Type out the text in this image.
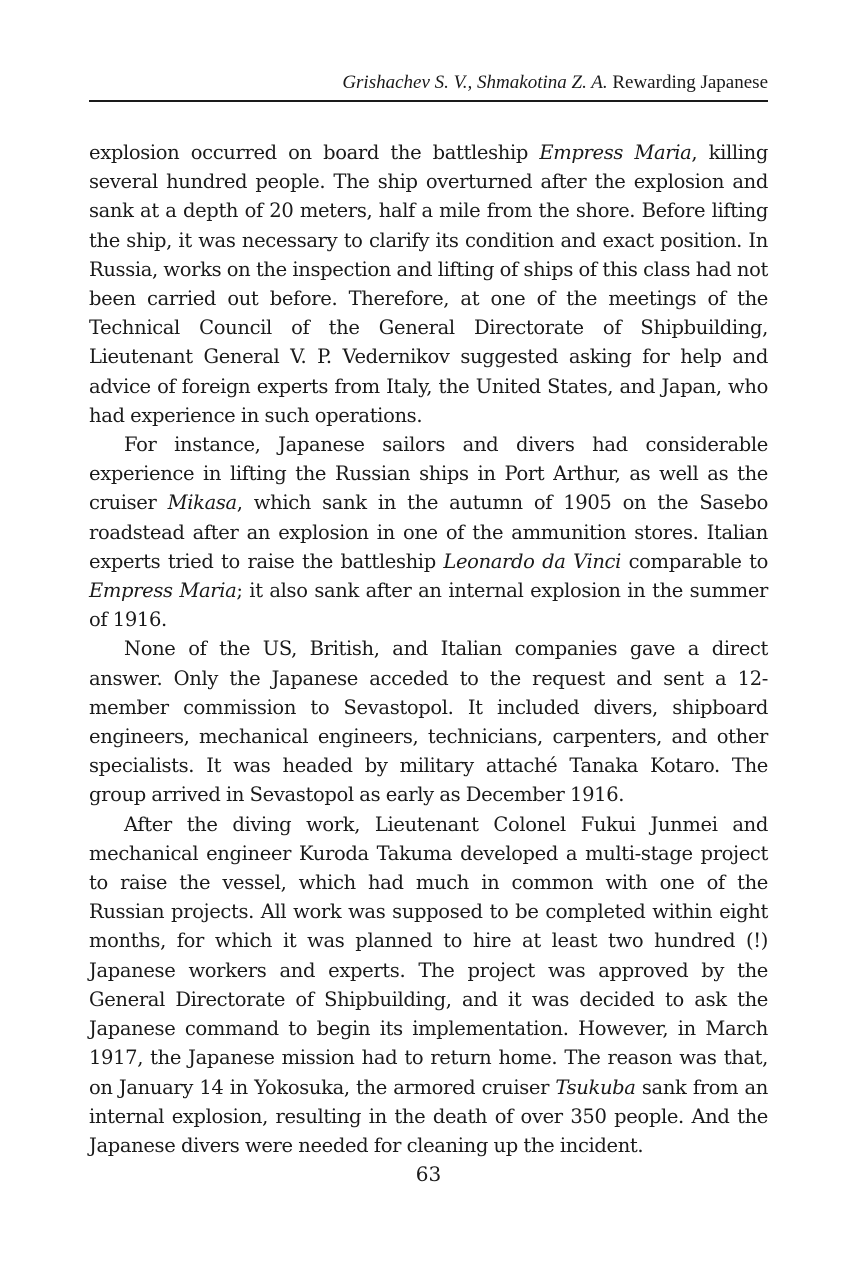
Grishachev S. V., Shmakotina Z. A. Rewarding Japanese

explosion occurred on board the battleship Empress Maria, killing several hundred people. The ship overturned after the explosion and sank at a depth of 20 meters, half a mile from the shore. Before lifting the ship, it was necessary to clarify its condition and exact position. In Russia, works on the inspection and lifting of ships of this class had not been carried out before. Therefore, at one of the meetings of the Technical Council of the General Directorate of Shipbuilding, Lieutenant General V. P. Vedernikov suggested asking for help and advice of foreign experts from Italy, the United States, and Japan, who had experience in such operations.

For instance, Japanese sailors and divers had considerable experience in lifting the Russian ships in Port Arthur, as well as the cruiser Mikasa, which sank in the autumn of 1905 on the Sasebo roadstead after an explosion in one of the ammunition stores. Italian experts tried to raise the battleship Leonardo da Vinci comparable to Empress Maria; it also sank after an internal explosion in the summer of 1916.

None of the US, British, and Italian companies gave a direct answer. Only the Japanese acceded to the request and sent a 12-member commission to Sevastopol. It included divers, shipboard engineers, mechanical engineers, technicians, carpenters, and other specialists. It was headed by military attaché Tanaka Kotaro. The group arrived in Sevastopol as early as December 1916.

After the diving work, Lieutenant Colonel Fukui Junmei and mechanical engineer Kuroda Takuma developed a multi-stage project to raise the vessel, which had much in common with one of the Russian projects. All work was supposed to be completed within eight months, for which it was planned to hire at least two hundred (!) Japanese workers and experts. The project was approved by the General Directorate of Shipbuilding, and it was decided to ask the Japanese command to begin its implementation. However, in March 1917, the Japanese mission had to return home. The reason was that, on January 14 in Yokosuka, the armored cruiser Tsukuba sank from an internal explosion, resulting in the death of over 350 people. And the Japanese divers were needed for cleaning up the incident.

63
